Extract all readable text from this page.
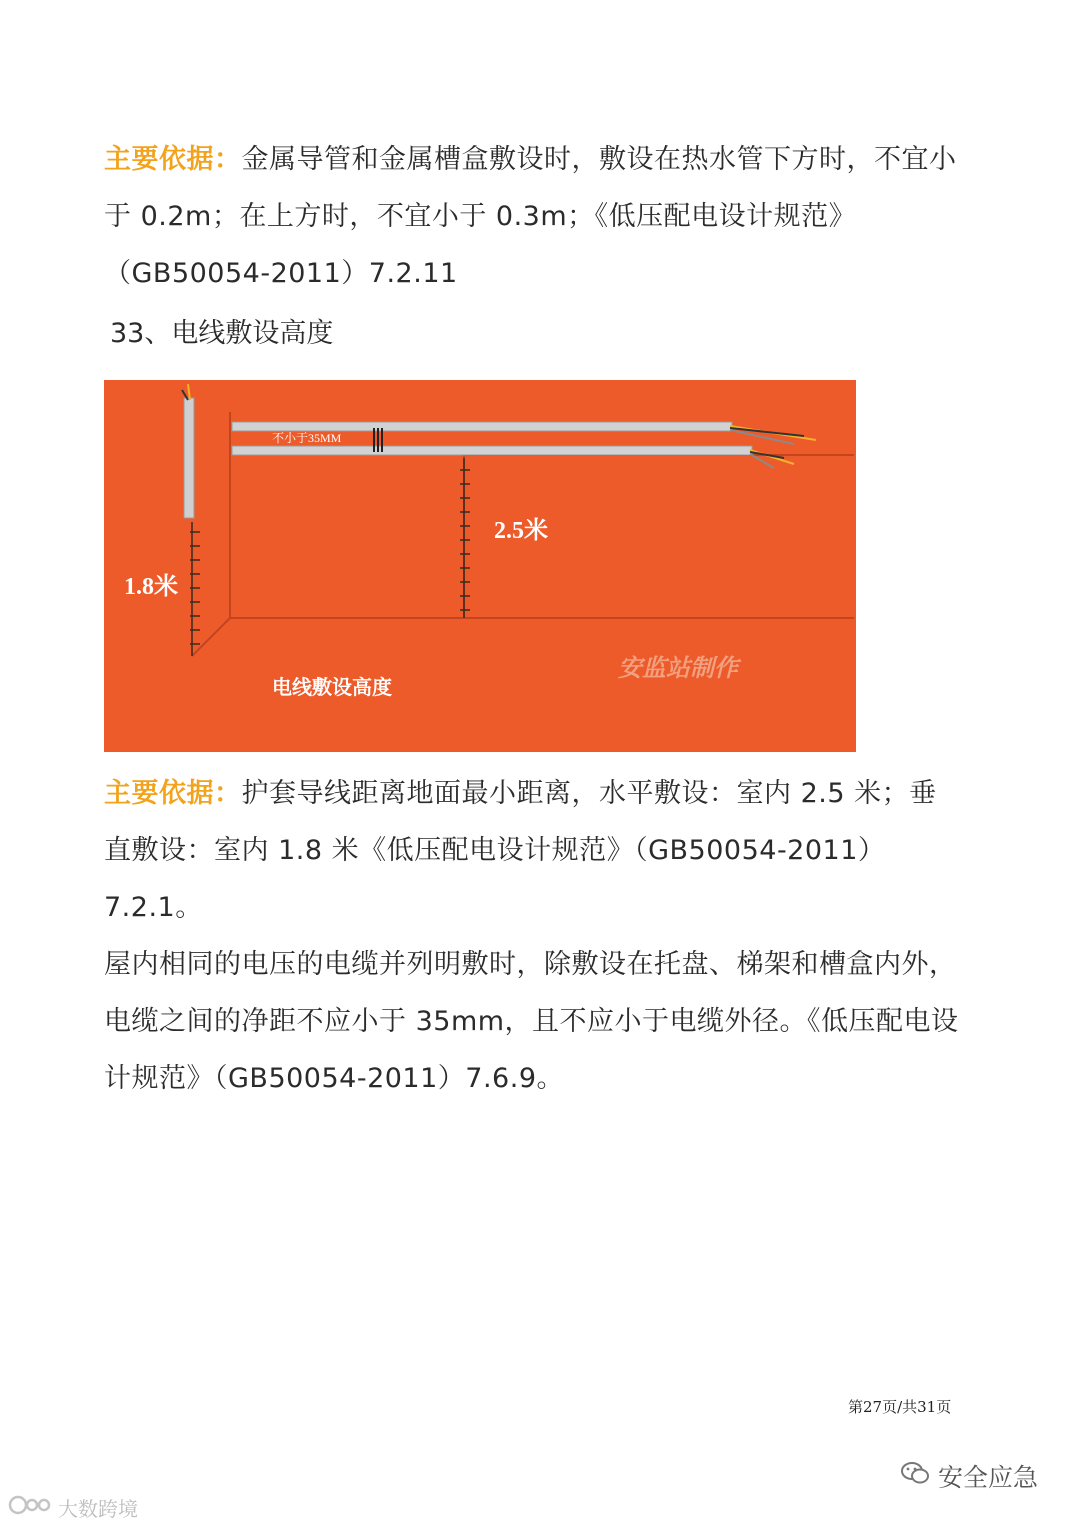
主要依据：金属导管和金属槽盒敷设时，敷设在热水管下方时，不宜小于 0.2m；在上方时，不宜小于 0.3m；《低压配电设计规范》（GB50054-2011）7.2.11
33、电线敷设高度
不小于35MM
2.5米
1.8米
电线敷设高度
安监站制作
主要依据：护套导线距离地面最小距离，水平敷设：室内 2.5 米；垂直敷设：室内 1.8 米《低压配电设计规范》（GB50054-2011）7.2.1。
屋内相同的电压的电缆并列明敷时，除敷设在托盘、梯架和槽盒内外，电缆之间的净距不应小于 35mm，且不应小于电缆外径。《低压配电设计规范》（GB50054-2011）7.6.9。
第27页/共31页
安全应急
大数跨境
